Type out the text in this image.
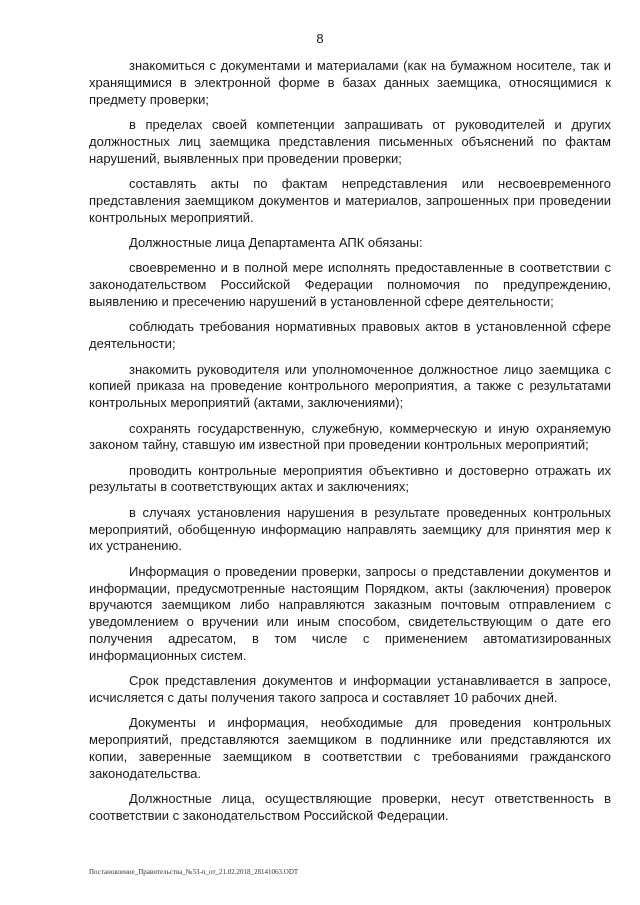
8

знакомиться с документами и материалами (как на бумажном носителе, так и хранящимися в электронной форме в базах данных заемщика, относящимися к предмету проверки;

в пределах своей компетенции запрашивать от руководителей и других должностных лиц заемщика представления письменных объяснений по фактам нарушений, выявленных при проведении проверки;

составлять акты по фактам непредставления или несвоевременного представления заемщиком документов и материалов, запрошенных при проведении контрольных мероприятий.

Должностные лица Департамента АПК обязаны:

своевременно и в полной мере исполнять предоставленные в соответствии с законодательством Российской Федерации полномочия по предупреждению, выявлению и пресечению нарушений в установленной сфере деятельности;

соблюдать требования нормативных правовых актов в установленной сфере деятельности;

знакомить руководителя или уполномоченное должностное лицо заемщика с копией приказа на проведение контрольного мероприятия, а также с результатами контрольных мероприятий (актами, заключениями);

сохранять государственную, служебную, коммерческую и иную охраняемую законом тайну, ставшую им известной при проведении контрольных мероприятий;

проводить контрольные мероприятия объективно и достоверно отражать их результаты в соответствующих актах и заключениях;

в случаях установления нарушения в результате проведенных контрольных мероприятий, обобщенную информацию направлять заемщику для принятия мер к их устранению.

Информация о проведении проверки, запросы о представлении документов и информации, предусмотренные настоящим Порядком, акты (заключения) проверок вручаются заемщиком либо направляются заказным почтовым отправлением с уведомлением о вручении или иным способом, свидетельствующим о дате его получения адресатом, в том числе с применением автоматизированных информационных систем.

Срок представления документов и информации устанавливается в запросе, исчисляется с даты получения такого запроса и составляет 10 рабочих дней.

Документы и информация, необходимые для проведения контрольных мероприятий, представляются заемщиком в подлиннике или представляются их копии, заверенные заемщиком в соответствии с требованиями гражданского законодательства.

Должностные лица, осуществляющие проверки, несут ответственность в соответствии с законодательством Российской Федерации.

Постановление_Правительства_№53-п_от_21.02.2018_28141063.ODT
